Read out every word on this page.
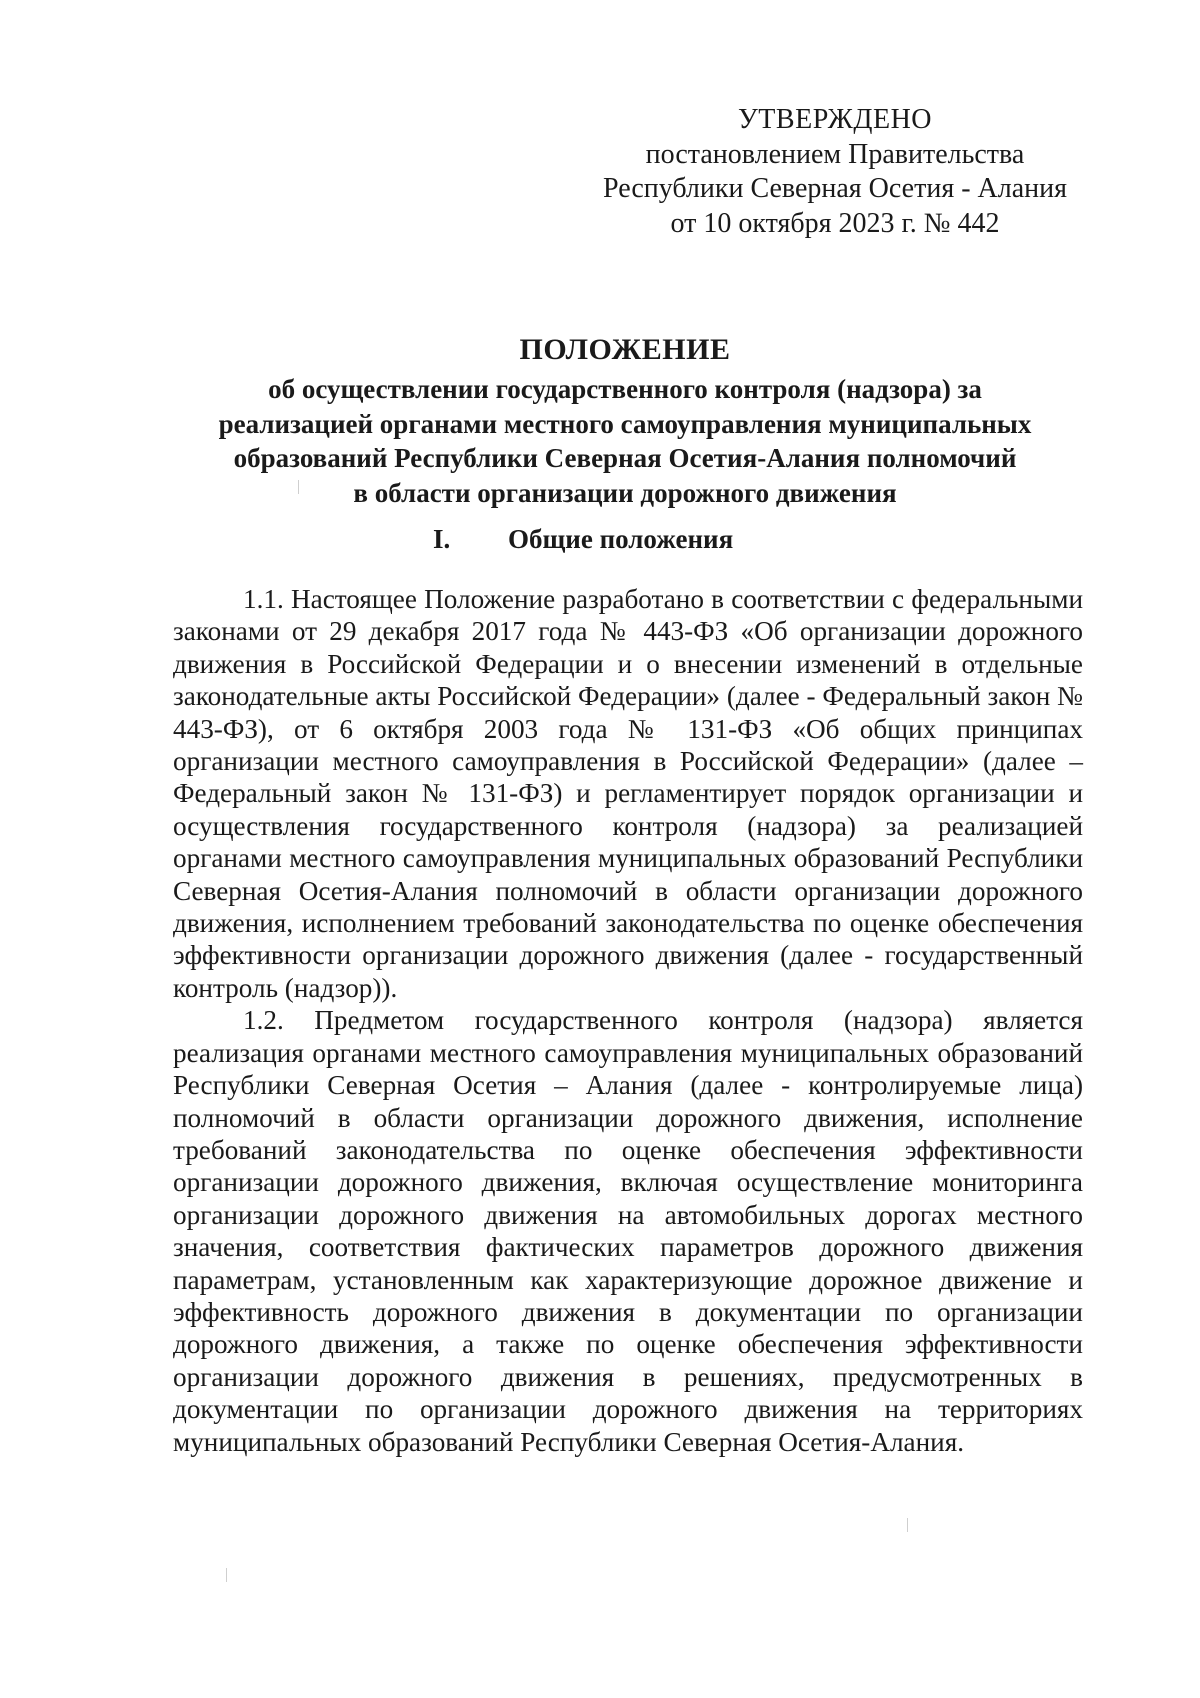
УТВЕРЖДЕНО
постановлением Правительства
Республики Северная Осетия - Алания
от 10 октября 2023 г. № 442
ПОЛОЖЕНИЕ
об осуществлении государственного контроля (надзора) за
реализацией органами местного самоуправления муниципальных
образований Республики Северная Осетия-Алания полномочий
в области организации дорожного движения
I. Общие положения

1.1. Настоящее Положение разработано в соответствии с федеральными законами от 29 декабря 2017 года № 443-ФЗ «Об организации дорожного движения в Российской Федерации и о внесении изменений в отдельные законодательные акты Российской Федерации» (далее - Федеральный закон № 443-ФЗ), от 6 октября 2003 года № 131-ФЗ «Об общих принципах организации местного самоуправления в Российской Федерации» (далее – Федеральный закон № 131-ФЗ) и регламентирует порядок организации и осуществления государственного контроля (надзора) за реализацией органами местного самоуправления муниципальных образований Республики Северная Осетия-Алания полномочий в области организации дорожного движения, исполнением требований законодательства по оценке обеспечения эффективности организации дорожного движения (далее - государственный контроль (надзор)).

1.2. Предметом государственного контроля (надзора) является реализация органами местного самоуправления муниципальных образований Республики Северная Осетия – Алания (далее - контролируемые лица) полномочий в области организации дорожного движения, исполнение требований законодательства по оценке обеспечения эффективности организации дорожного движения, включая осуществление мониторинга организации дорожного движения на автомобильных дорогах местного значения, соответствия фактических параметров дорожного движения параметрам, установленным как характеризующие дорожное движение и эффективность дорожного движения в документации по организации дорожного движения, а также по оценке обеспечения эффективности организации дорожного движения в решениях, предусмотренных в документации по организации дорожного движения на территориях муниципальных образований Республики Северная Осетия-Алания.
